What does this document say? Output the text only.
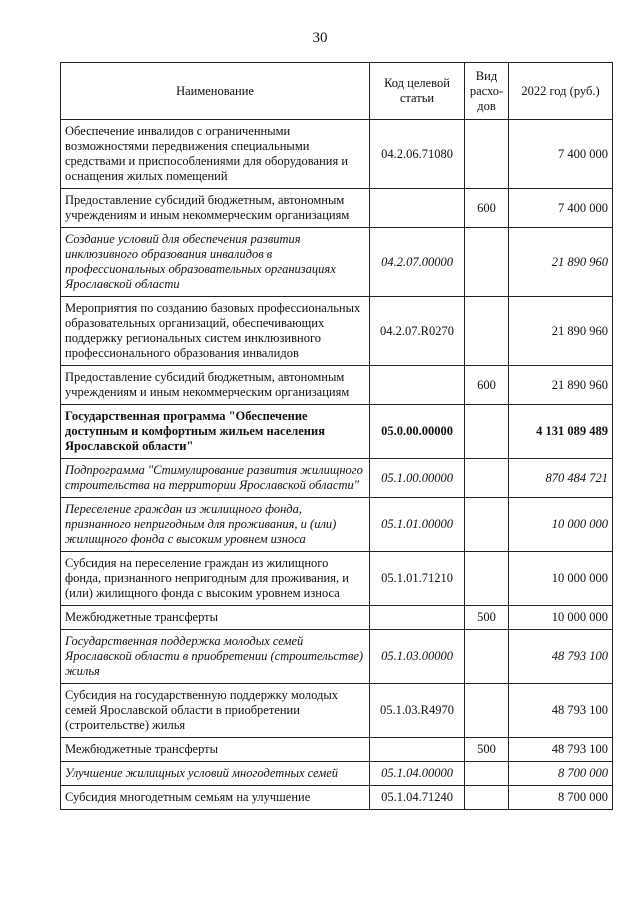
30
Наименование	Код целевой статьи	Вид расхо-дов	2022 год (руб.)
Обеспечение инвалидов с ограниченными возможностями передвижения специальными средствами и приспособлениями для оборудования и оснащения жилых помещений	04.2.06.71080		7 400 000
Предоставление субсидий бюджетным, автономным учреждениям и иным некоммерческим организациям		600	7 400 000
Создание условий для обеспечения развития инклюзивного образования инвалидов в профессиональных образовательных организациях Ярославской области	04.2.07.00000		21 890 960
Мероприятия по созданию базовых профессиональных образовательных организаций, обеспечивающих поддержку региональных систем инклюзивного профессионального образования инвалидов	04.2.07.R0270		21 890 960
Предоставление субсидий бюджетным, автономным учреждениям и иным некоммерческим организациям		600	21 890 960
Государственная программа "Обеспечение доступным и комфортным жильем населения Ярославской области"	05.0.00.00000		4 131 089 489
Подпрограмма "Стимулирование развития жилищного строительства на территории Ярославской области"	05.1.00.00000		870 484 721
Переселение граждан из жилищного фонда, признанного непригодным для проживания, и (или) жилищного фонда с высоким уровнем износа	05.1.01.00000		10 000 000
Субсидия на переселение граждан из жилищного фонда, признанного непригодным для проживания, и (или) жилищного фонда с высоким уровнем износа	05.1.01.71210		10 000 000
Межбюджетные трансферты		500	10 000 000
Государственная поддержка молодых семей Ярославской области в приобретении (строительстве) жилья	05.1.03.00000		48 793 100
Субсидия на государственную поддержку молодых семей Ярославской области в приобретении (строительстве) жилья	05.1.03.R4970		48 793 100
Межбюджетные трансферты		500	48 793 100
Улучшение жилищных условий многодетных семей	05.1.04.00000		8 700 000
Субсидия многодетным семьям на улучшение	05.1.04.71240		8 700 000
